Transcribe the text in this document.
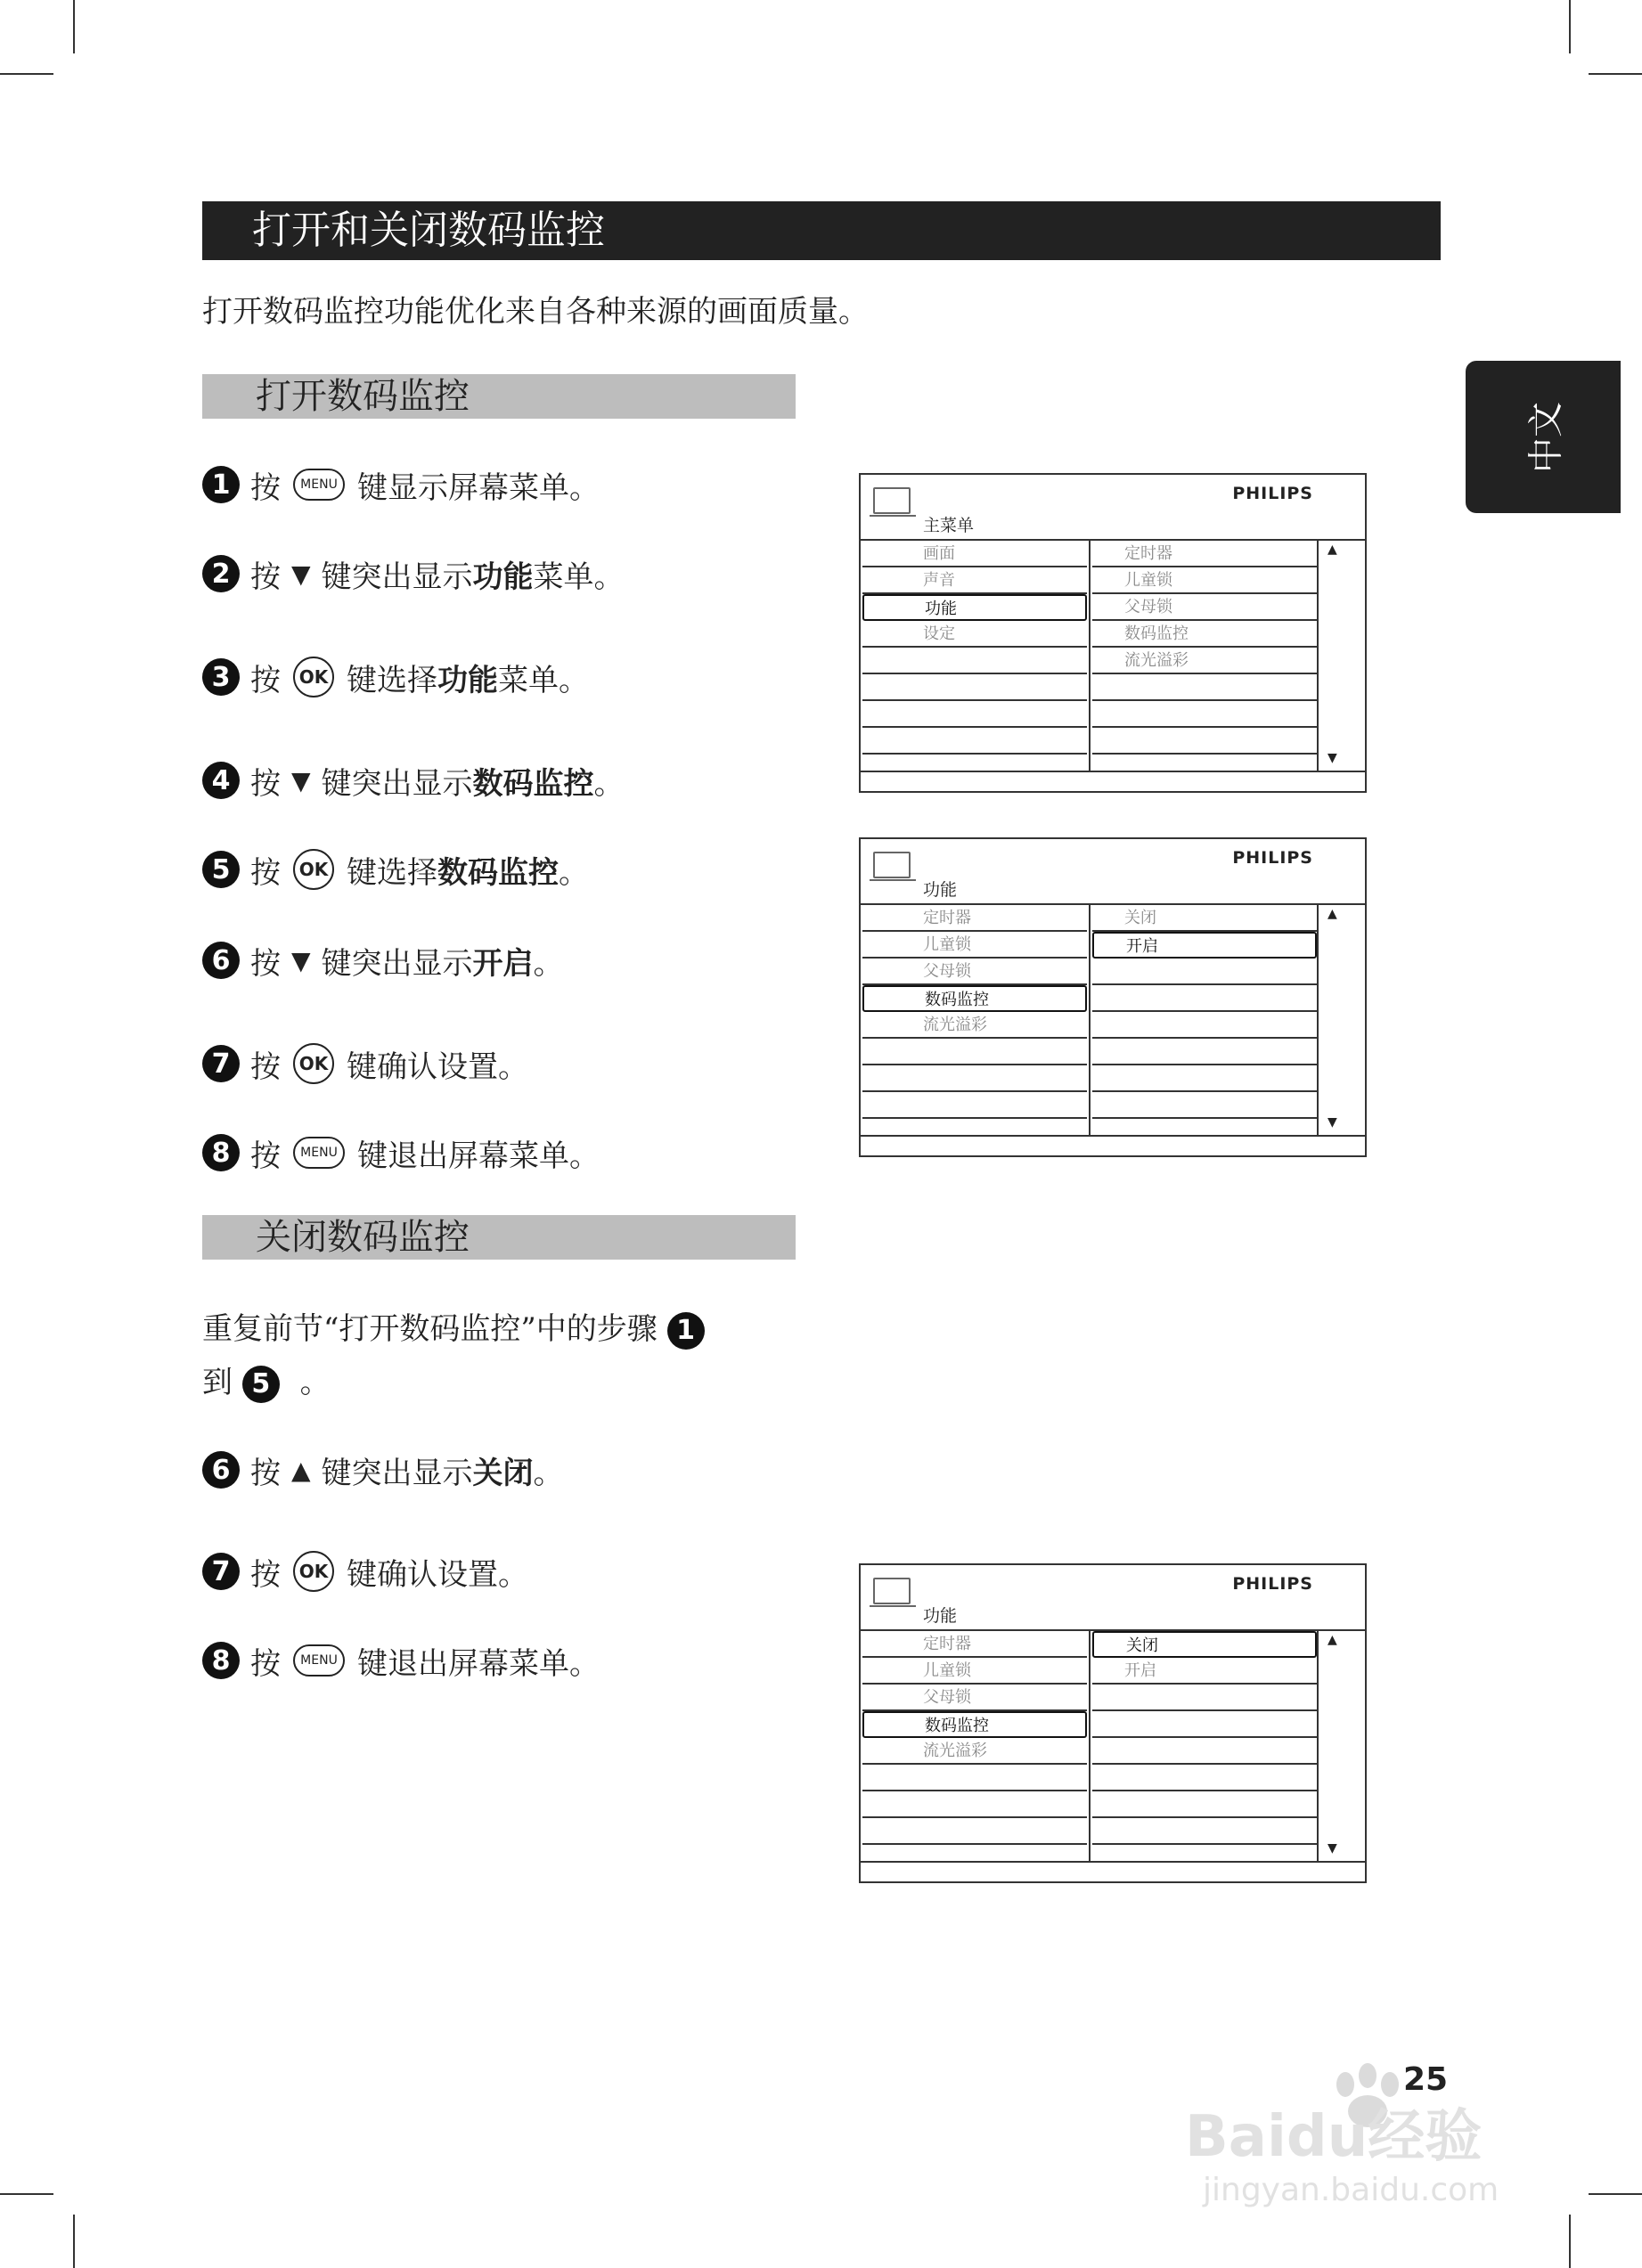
打开和关闭数码监控
打开数码监控功能优化来自各种来源的画面质量。
中文
打开数码监控
1 按	MENU 键显示屏幕菜单。
2 按 ▼ 键突出显示 功能 菜单。
3 按	OK 键选择 功能 菜单。
4 按 ▼ 键突出显示 数码监控 。
5 按	OK 键选择 数码监控 。
6 按 ▼ 键突出显示 开启 。
7 按	OK 键确认设置。
8 按	MENU 键退出屏幕菜单。
关闭数码监控
重复前节“打开数码监控”中的步骤 1
到 5 。
6 按 ▲ 键突出显示 关闭 。
7 按	OK 键确认设置。
8 按	MENU 键退出屏幕菜单。
PHILIPS
主菜单
▲
▼
画面
声音
功能
设定
定时器
儿童锁
父母锁
数码监控
流光溢彩
PHILIPS
功能
▲
▼
定时器
儿童锁
父母锁
数码监控
流光溢彩
关闭
开启
PHILIPS
功能
▲
▼
定时器
儿童锁
父母锁
数码监控
流光溢彩
关闭
开启
25
Baidu经验
jingyan.baidu.com
